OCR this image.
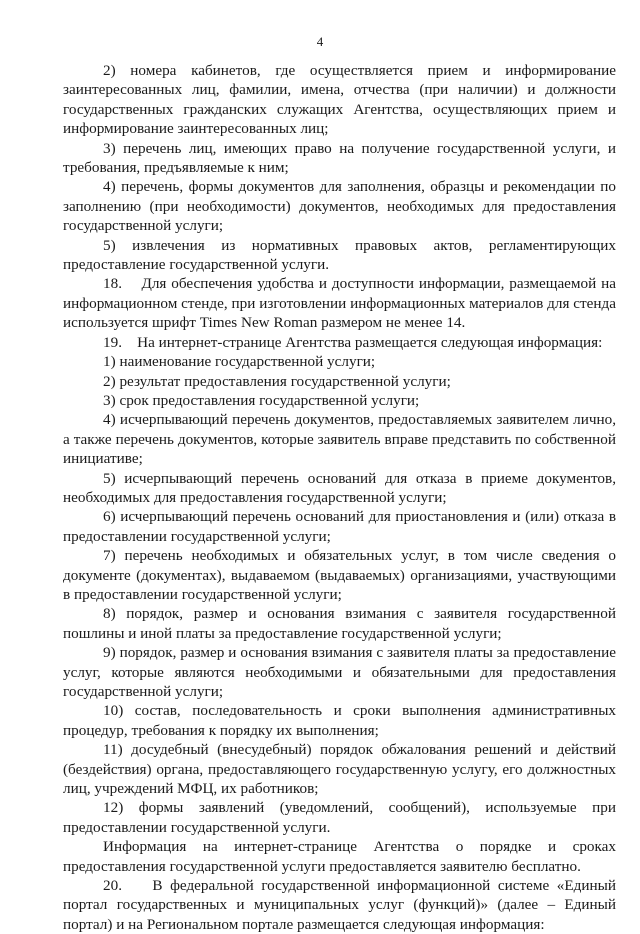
4

2) номера кабинетов, где осуществляется прием и информирование заинтересованных лиц, фамилии, имена, отчества (при наличии) и должности государственных гражданских служащих Агентства, осуществляющих прием и информирование заинтересованных лиц;

3) перечень лиц, имеющих право на получение государственной услуги, и требования, предъявляемые к ним;

4) перечень, формы документов для заполнения, образцы и рекомендации по заполнению (при необходимости) документов, необходимых для предоставления государственной услуги;

5) извлечения из нормативных правовых актов, регламентирующих предоставление государственной услуги.

18.    Для обеспечения удобства и доступности информации, размещаемой на информационном стенде, при изготовлении информационных материалов для стенда используется шрифт Times New Roman размером не менее 14.

19.    На интернет-странице Агентства размещается следующая информация:

1) наименование государственной услуги;

2) результат предоставления государственной услуги;

3) срок предоставления государственной услуги;

4) исчерпывающий перечень документов, предоставляемых заявителем лично, а также перечень документов, которые заявитель вправе представить по собственной инициативе;

5) исчерпывающий перечень оснований для отказа в приеме документов, необходимых для предоставления государственной услуги;

6) исчерпывающий перечень оснований для приостановления и (или) отказа в предоставлении государственной услуги;

7) перечень необходимых и обязательных услуг, в том числе сведения о документе (документах), выдаваемом (выдаваемых) организациями, участвующими в предоставлении государственной услуги;

8) порядок, размер и основания взимания с заявителя государственной пошлины и иной платы за предоставление государственной услуги;

9) порядок, размер и основания взимания с заявителя платы за предоставление услуг, которые являются необходимыми и обязательными для предоставления государственной услуги;

10) состав, последовательность и сроки выполнения административных процедур, требования к порядку их выполнения;

11) досудебный (внесудебный) порядок обжалования решений и действий (бездействия) органа, предоставляющего государственную услугу, его должностных лиц, учреждений МФЦ, их работников;

12) формы заявлений (уведомлений, сообщений), используемые при предоставлении государственной услуги.

Информация на интернет-странице Агентства о порядке и сроках предоставления государственной услуги предоставляется заявителю бесплатно.

20.    В федеральной государственной информационной системе «Единый портал государственных и муниципальных услуг (функций)» (далее – Единый портал) и на Региональном портале размещается следующая информация:
